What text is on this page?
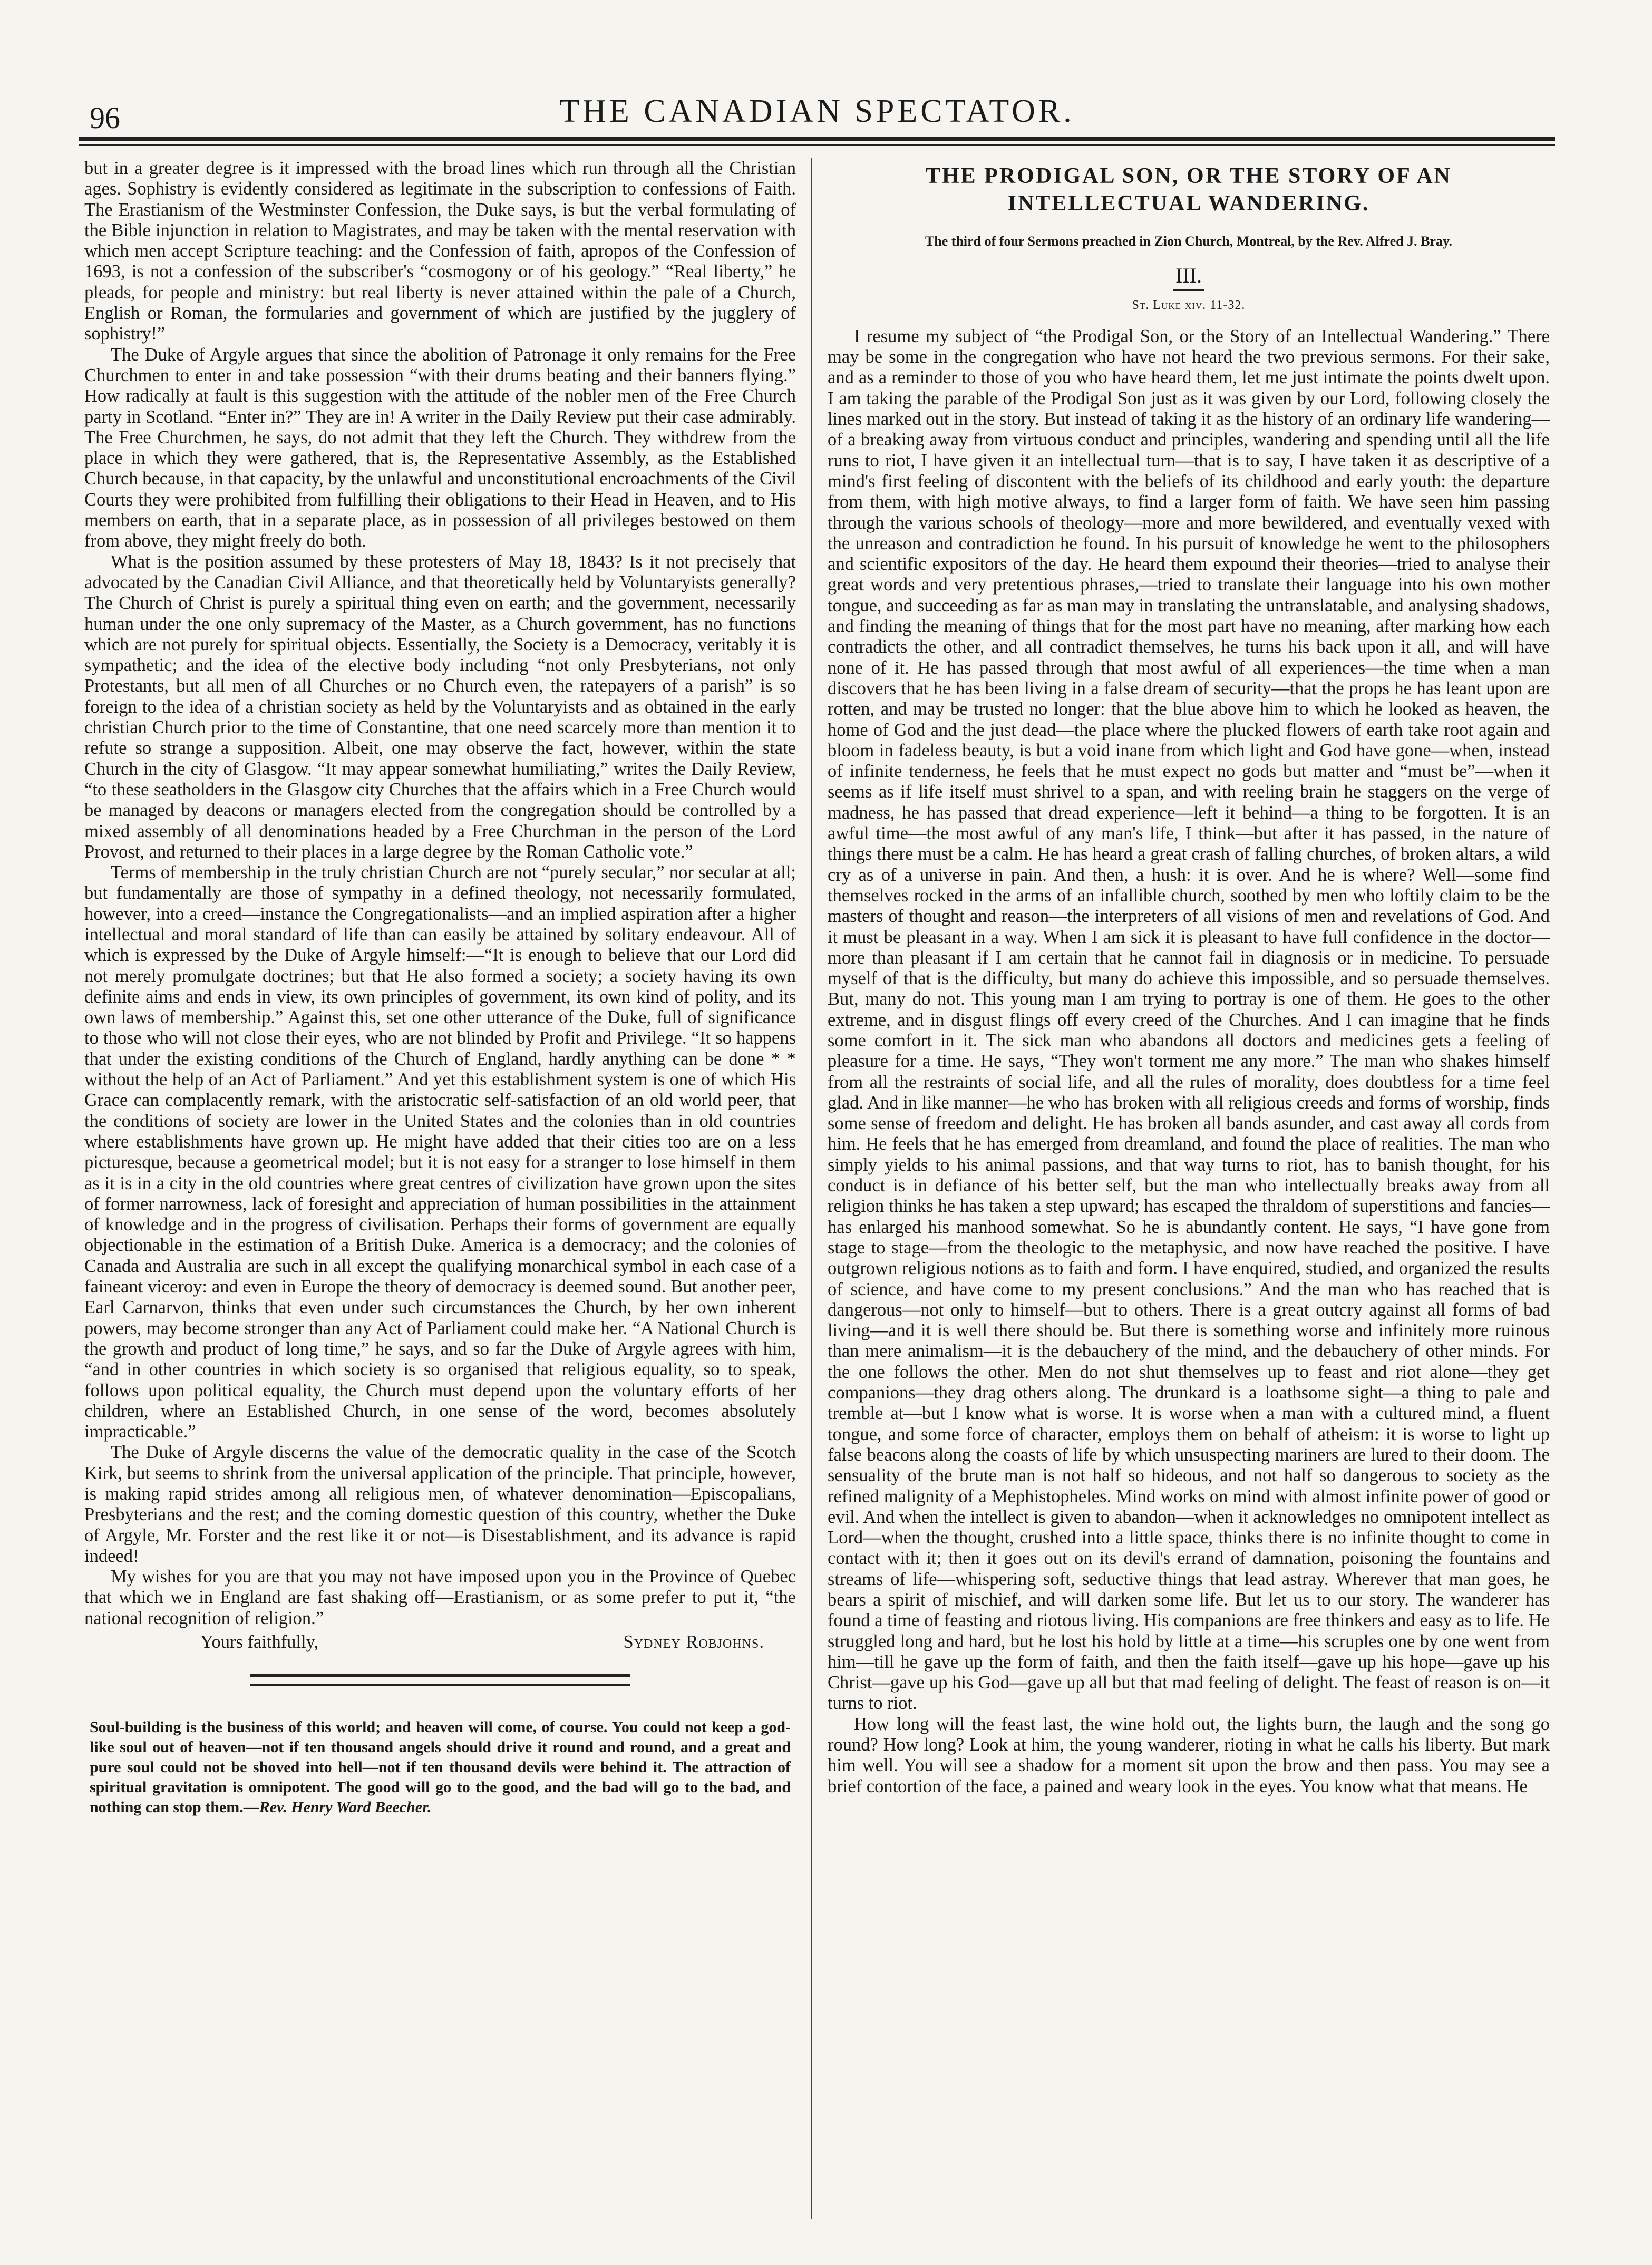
96	THE CANADIAN SPECTATOR.

but in a greater degree is it impressed with the broad lines which run through all the Christian ages. Sophistry is evidently considered as legitimate in the subscription to confessions of Faith. The Erastianism of the Westminster Confession, the Duke says, is but the verbal formulating of the Bible injunction in relation to Magistrates, and may be taken with the mental reservation with which men accept Scripture teaching: and the Confession of faith, apropos of the Confession of 1693, is not a confession of the subscriber's “cosmogony or of his geology.” “Real liberty,” he pleads, for people and ministry: but real liberty is never attained within the pale of a Church, English or Roman, the formularies and government of which are justified by the jugglery of sophistry!”

The Duke of Argyle argues that since the abolition of Patronage it only remains for the Free Churchmen to enter in and take possession “with their drums beating and their banners flying.” How radically at fault is this suggestion with the attitude of the nobler men of the Free Church party in Scotland. “Enter in?” They are in! A writer in the Daily Review put their case admirably. The Free Churchmen, he says, do not admit that they left the Church. They withdrew from the place in which they were gathered, that is, the Representative Assembly, as the Established Church because, in that capacity, by the unlawful and unconstitutional encroachments of the Civil Courts they were prohibited from fulfilling their obligations to their Head in Heaven, and to His members on earth, that in a separate place, as in possession of all privileges bestowed on them from above, they might freely do both.

What is the position assumed by these protesters of May 18, 1843? Is it not precisely that advocated by the Canadian Civil Alliance, and that theoretically held by Voluntaryists generally? The Church of Christ is purely a spiritual thing even on earth; and the government, necessarily human under the one only supremacy of the Master, as a Church government, has no functions which are not purely for spiritual objects. Essentially, the Society is a Democracy, veritably it is sympathetic; and the idea of the elective body including “not only Presbyterians, not only Protestants, but all men of all Churches or no Church even, the ratepayers of a parish” is so foreign to the idea of a christian society as held by the Voluntaryists and as obtained in the early christian Church prior to the time of Constantine, that one need scarcely more than mention it to refute so strange a supposition. Albeit, one may observe the fact, however, within the state Church in the city of Glasgow. “It may appear somewhat humiliating,” writes the Daily Review, “to these seatholders in the Glasgow city Churches that the affairs which in a Free Church would be managed by deacons or managers elected from the congregation should be controlled by a mixed assembly of all denominations headed by a Free Churchman in the person of the Lord Provost, and returned to their places in a large degree by the Roman Catholic vote.”

Terms of membership in the truly christian Church are not “purely secular,” nor secular at all; but fundamentally are those of sympathy in a defined theology, not necessarily formulated, however, into a creed—instance the Congregationalists—and an implied aspiration after a higher intellectual and moral standard of life than can easily be attained by solitary endeavour. All of which is expressed by the Duke of Argyle himself:—“It is enough to believe that our Lord did not merely promulgate doctrines; but that He also formed a society; a society having its own definite aims and ends in view, its own principles of government, its own kind of polity, and its own laws of membership.” Against this, set one other utterance of the Duke, full of significance to those who will not close their eyes, who are not blinded by Profit and Privilege. “It so happens that under the existing conditions of the Church of England, hardly anything can be done * * without the help of an Act of Parliament.” And yet this establishment system is one of which His Grace can complacently remark, with the aristocratic self-satisfaction of an old world peer, that the conditions of society are lower in the United States and the colonies than in old countries where establishments have grown up. He might have added that their cities too are on a less picturesque, because a geometrical model; but it is not easy for a stranger to lose himself in them as it is in a city in the old countries where great centres of civilization have grown upon the sites of former narrowness, lack of foresight and appreciation of human possibilities in the attainment of knowledge and in the progress of civilisation. Perhaps their forms of government are equally objectionable in the estimation of a British Duke. America is a democracy; and the colonies of Canada and Australia are such in all except the qualifying monarchical symbol in each case of a faineant viceroy: and even in Europe the theory of democracy is deemed sound. But another peer, Earl Carnarvon, thinks that even under such circumstances the Church, by her own inherent powers, may become stronger than any Act of Parliament could make her. “A National Church is the growth and product of long time,” he says, and so far the Duke of Argyle agrees with him, “and in other countries in which society is so organised that religious equality, so to speak, follows upon political equality, the Church must depend upon the voluntary efforts of her children, where an Established Church, in one sense of the word, becomes absolutely impracticable.”

The Duke of Argyle discerns the value of the democratic quality in the case of the Scotch Kirk, but seems to shrink from the universal application of the principle. That principle, however, is making rapid strides among all religious men, of whatever denomination—Episcopalians, Presbyterians and the rest; and the coming domestic question of this country, whether the Duke of Argyle, Mr. Forster and the rest like it or not—is Disestablishment, and its advance is rapid indeed!

My wishes for you are that you may not have imposed upon you in the Province of Quebec that which we in England are fast shaking off—Erastianism, or as some prefer to put it, “the national recognition of religion.”

Yours faithfully,	Sydney Robjohns.
Soul-building is the business of this world; and heaven will come, of course. You could not keep a god-like soul out of heaven—not if ten thousand angels should drive it round and round, and a great and pure soul could not be shoved into hell—not if ten thousand devils were behind it. The attraction of spiritual gravitation is omnipotent. The good will go to the good, and the bad will go to the bad, and nothing can stop them.—Rev. Henry Ward Beecher.
THE PRODIGAL SON, OR THE STORY OF AN INTELLECTUAL WANDERING.
The third of four Sermons preached in Zion Church, Montreal, by the Rev. Alfred J. Bray.
III.
St. Luke xiv. 11-32.

I resume my subject of “the Prodigal Son, or the Story of an Intellectual Wandering.” There may be some in the congregation who have not heard the two previous sermons. For their sake, and as a reminder to those of you who have heard them, let me just intimate the points dwelt upon. I am taking the parable of the Prodigal Son just as it was given by our Lord, following closely the lines marked out in the story. But instead of taking it as the history of an ordinary life wandering—of a breaking away from virtuous conduct and principles, wandering and spending until all the life runs to riot, I have given it an intellectual turn—that is to say, I have taken it as descriptive of a mind's first feeling of discontent with the beliefs of its childhood and early youth: the departure from them, with high motive always, to find a larger form of faith. We have seen him passing through the various schools of theology—more and more bewildered, and eventually vexed with the unreason and contradiction he found. In his pursuit of knowledge he went to the philosophers and scientific expositors of the day. He heard them expound their theories—tried to analyse their great words and very pretentious phrases,—tried to translate their language into his own mother tongue, and succeeding as far as man may in translating the untranslatable, and analysing shadows, and finding the meaning of things that for the most part have no meaning, after marking how each contradicts the other, and all contradict themselves, he turns his back upon it all, and will have none of it. He has passed through that most awful of all experiences—the time when a man discovers that he has been living in a false dream of security—that the props he has leant upon are rotten, and may be trusted no longer: that the blue above him to which he looked as heaven, the home of God and the just dead—the place where the plucked flowers of earth take root again and bloom in fadeless beauty, is but a void inane from which light and God have gone—when, instead of infinite tenderness, he feels that he must expect no gods but matter and “must be”—when it seems as if life itself must shrivel to a span, and with reeling brain he staggers on the verge of madness, he has passed that dread experience—left it behind—a thing to be forgotten. It is an awful time—the most awful of any man's life, I think—but after it has passed, in the nature of things there must be a calm. He has heard a great crash of falling churches, of broken altars, a wild cry as of a universe in pain. And then, a hush: it is over. And he is where? Well—some find themselves rocked in the arms of an infallible church, soothed by men who loftily claim to be the masters of thought and reason—the interpreters of all visions of men and revelations of God. And it must be pleasant in a way. When I am sick it is pleasant to have full confidence in the doctor—more than pleasant if I am certain that he cannot fail in diagnosis or in medicine. To persuade myself of that is the difficulty, but many do achieve this impossible, and so persuade themselves. But, many do not. This young man I am trying to portray is one of them. He goes to the other extreme, and in disgust flings off every creed of the Churches. And I can imagine that he finds some comfort in it. The sick man who abandons all doctors and medicines gets a feeling of pleasure for a time. He says, “They won't torment me any more.” The man who shakes himself from all the restraints of social life, and all the rules of morality, does doubtless for a time feel glad. And in like manner—he who has broken with all religious creeds and forms of worship, finds some sense of freedom and delight. He has broken all bands asunder, and cast away all cords from him. He feels that he has emerged from dreamland, and found the place of realities. The man who simply yields to his animal passions, and that way turns to riot, has to banish thought, for his conduct is in defiance of his better self, but the man who intellectually breaks away from all religion thinks he has taken a step upward; has escaped the thraldom of superstitions and fancies—has enlarged his manhood somewhat. So he is abundantly content. He says, “I have gone from stage to stage—from the theologic to the metaphysic, and now have reached the positive. I have outgrown religious notions as to faith and form. I have enquired, studied, and organized the results of science, and have come to my present conclusions.” And the man who has reached that is dangerous—not only to himself—but to others. There is a great outcry against all forms of bad living—and it is well there should be. But there is something worse and infinitely more ruinous than mere animalism—it is the debauchery of the mind, and the debauchery of other minds. For the one follows the other. Men do not shut themselves up to feast and riot alone—they get companions—they drag others along. The drunkard is a loathsome sight—a thing to pale and tremble at—but I know what is worse. It is worse when a man with a cultured mind, a fluent tongue, and some force of character, employs them on behalf of atheism: it is worse to light up false beacons along the coasts of life by which unsuspecting mariners are lured to their doom. The sensuality of the brute man is not half so hideous, and not half so dangerous to society as the refined malignity of a Mephistopheles. Mind works on mind with almost infinite power of good or evil. And when the intellect is given to abandon—when it acknowledges no omnipotent intellect as Lord—when the thought, crushed into a little space, thinks there is no infinite thought to come in contact with it; then it goes out on its devil's errand of damnation, poisoning the fountains and streams of life—whispering soft, seductive things that lead astray. Wherever that man goes, he bears a spirit of mischief, and will darken some life. But let us to our story. The wanderer has found a time of feasting and riotous living. His companions are free thinkers and easy as to life. He struggled long and hard, but he lost his hold by little at a time—his scruples one by one went from him—till he gave up the form of faith, and then the faith itself—gave up his hope—gave up his Christ—gave up his God—gave up all but that mad feeling of delight. The feast of reason is on—it turns to riot.

How long will the feast last, the wine hold out, the lights burn, the laugh and the song go round? How long? Look at him, the young wanderer, rioting in what he calls his liberty. But mark him well. You will see a shadow for a moment sit upon the brow and then pass. You may see a brief contortion of the face, a pained and weary look in the eyes. You know what that means. He
